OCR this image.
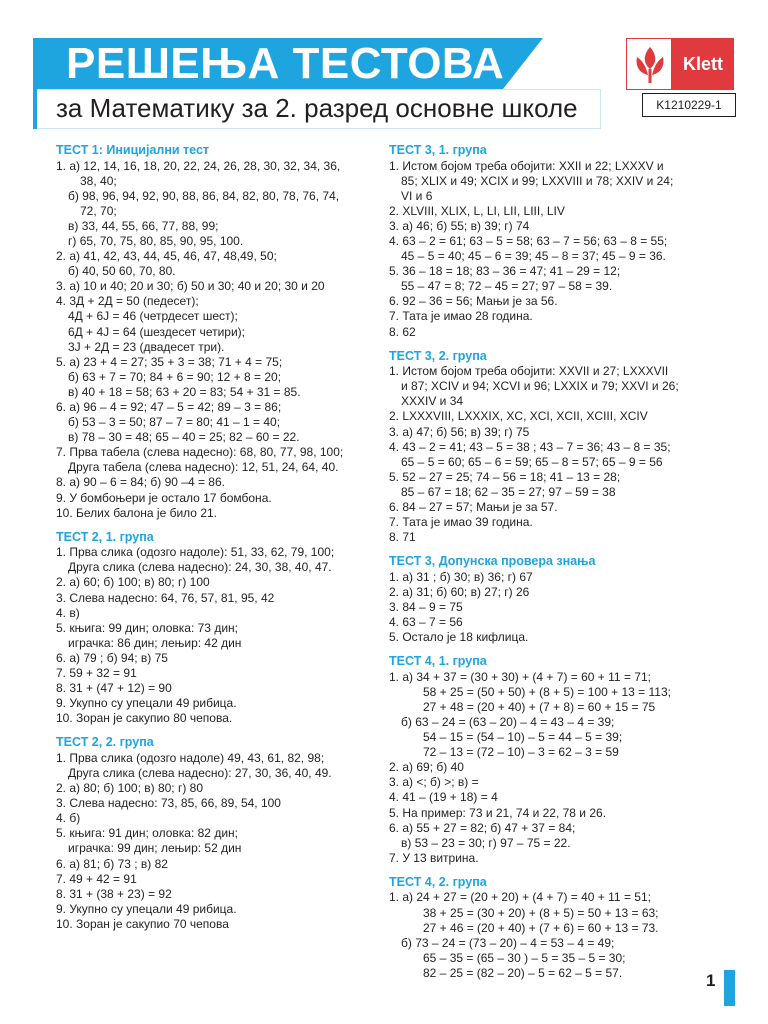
РЕШЕЊА ТЕСТОВА
за Математику за 2. разред основне школе
Klett
K1210229-1
ТЕСТ 1: Иницијални тест
1. а) 12, 14, 16, 18, 20, 22, 24, 26, 28, 30, 32, 34, 36,
38, 40;
б) 98, 96, 94, 92, 90, 88, 86, 84, 82, 80, 78, 76, 74,
72, 70;
в) 33, 44, 55, 66, 77, 88, 99;
г) 65, 70, 75, 80, 85, 90, 95, 100.
2. а) 41, 42, 43, 44, 45, 46, 47, 48,49, 50;
б) 40, 50 60, 70, 80.
3. а) 10 и 40; 20 и 30; б) 50 и 30; 40 и 20; 30 и 20
4. 3Д + 2Д = 50 (педесет);
4Д + 6Ј = 46 (четрдесет шест);
6Д + 4Ј = 64 (шездесет четири);
3Ј + 2Д = 23 (двадесет три).
5. а) 23 + 4 = 27; 35 + 3 = 38; 71 + 4 = 75;
б) 63 + 7 = 70; 84 + 6 = 90; 12 + 8 = 20;
в) 40 + 18 = 58; 63 + 20 = 83; 54 + 31 = 85.
6. а) 96 – 4 = 92; 47 – 5 = 42; 89 – 3 = 86;
б) 53 – 3 = 50; 87 – 7 = 80; 41 – 1 = 40;
в) 78 – 30 = 48; 65 – 40 = 25; 82 – 60 = 22.
7. Прва табела (слева надесно): 68, 80, 77, 98, 100;
Друга табела (слева надесно): 12, 51, 24, 64, 40.
8. а) 90 – 6 = 84; б) 90 –4 = 86.
9. У бомбоњери је остало 17 бомбона.
10. Белих балона је било 21.
ТЕСТ 2, 1. група
1. Прва слика (одозго надоле): 51, 33, 62, 79, 100;
Друга слика (слева надесно): 24, 30, 38, 40, 47.
2. а) 60; б) 100; в) 80; г) 100
3. Слева надесно: 64, 76, 57, 81, 95, 42
4. в)
5. књига: 99 дин; оловка: 73 дин;
играчка: 86 дин; лењир: 42 дин
6. а) 79 ; б) 94; в) 75
7. 59 + 32 = 91
8. 31 + (47 + 12) = 90
9. Укупно су упецали 49 рибица.
10. Зоран је сакупио 80 чепова.
ТЕСТ 2, 2. група
1. Прва слика (одозго надоле) 49, 43, 61, 82, 98;
Друга слика (слева надесно): 27, 30, 36, 40, 49.
2. а) 80; б) 100; в) 80; г) 80
3. Слева надесно: 73, 85, 66, 89, 54, 100
4. б)
5. књига: 91 дин; оловка: 82 дин;
играчка: 99 дин; лењир: 52 дин
6. а) 81; б) 73 ; в) 82
7. 49 + 42 = 91
8. 31 + (38 + 23) = 92
9. Укупно су упецали 49 рибица.
10. Зоран је сакупио 70 чепова
ТЕСТ 3, 1. група
1. Истом бојом треба обојити: XXII и 22; LXXXV и
85; XLIX и 49; XCIX и 99; LXXVIII и 78; XXIV и 24;
VI и 6
2. XLVIII, XLIX, L, LI, LII, LIII, LIV
3. а) 46; б) 55; в) 39; г) 74
4. 63 – 2 = 61; 63 – 5 = 58; 63 – 7 = 56; 63 – 8 = 55;
45 – 5 = 40; 45 – 6 = 39; 45 – 8 = 37; 45 – 9 = 36.
5. 36 – 18 = 18; 83 – 36 = 47; 41 – 29 = 12;
55 – 47 = 8; 72 – 45 = 27; 97 – 58 = 39.
6. 92 – 36 = 56; Мањи је за 56.
7. Тата је имао 28 година.
8. 62
ТЕСТ 3, 2. група
1. Истом бојом треба обојити: XXVII и 27; LXXXVII
и 87; XCIV и 94; XCVI и 96; LXXIX и 79; XXVI и 26;
XXXIV и 34
2. LXXXVIII, LXXXIX, XC, XCI, XCII, XCIII, XCIV
3. а) 47; б) 56; в) 39; г) 75
4. 43 – 2 = 41; 43 – 5 = 38 ; 43 – 7 = 36; 43 – 8 = 35;
65 – 5 = 60; 65 – 6 = 59; 65 – 8 = 57; 65 – 9 = 56
5. 52 – 27 = 25; 74 – 56 = 18; 41 – 13 = 28;
85 – 67 = 18; 62 – 35 = 27; 97 – 59 = 38
6. 84 – 27 = 57; Мањи је за 57.
7. Тата је имао 39 година.
8. 71
ТЕСТ 3, Допунска провера знања
1. а) 31 ; б) 30; в) 36; г) 67
2. а) 31; б) 60; в) 27; г) 26
3. 84 – 9 = 75
4. 63 – 7 = 56
5. Остало је 18 кифлица.
ТЕСТ 4, 1. група
1. а) 34 + 37 = (30 + 30) + (4 + 7) = 60 + 11 = 71;
58 + 25 = (50 + 50) + (8 + 5) = 100 + 13 = 113;
27 + 48 = (20 + 40) + (7 + 8) = 60 + 15 = 75
б) 63 – 24 = (63 – 20) – 4 = 43 – 4 = 39;
54 – 15 = (54 – 10) – 5 = 44 – 5 = 39;
72 – 13 = (72 – 10) – 3 = 62 – 3 = 59
2. а) 69; б) 40
3. а) <; б) >; в) =
4. 41 – (19 + 18) = 4
5. На пример: 73 и 21, 74 и 22, 78 и 26.
6. а) 55 + 27 = 82; б) 47 + 37 = 84;
в) 53 – 23 = 30; г) 97 – 75 = 22.
7. У 13 витрина.
ТЕСТ 4, 2. група
1. а) 24 + 27 = (20 + 20) + (4 + 7) = 40 + 11 = 51;
38 + 25 = (30 + 20) + (8 + 5) = 50 + 13 = 63;
27 + 46 = (20 + 40) + (7 + 6) = 60 + 13 = 73.
б) 73 – 24 = (73 – 20) – 4 = 53 – 4 = 49;
65 – 35 = (65 – 30 ) – 5 = 35 – 5 = 30;
82 – 25 = (82 – 20) – 5 = 62 – 5 = 57.	1
